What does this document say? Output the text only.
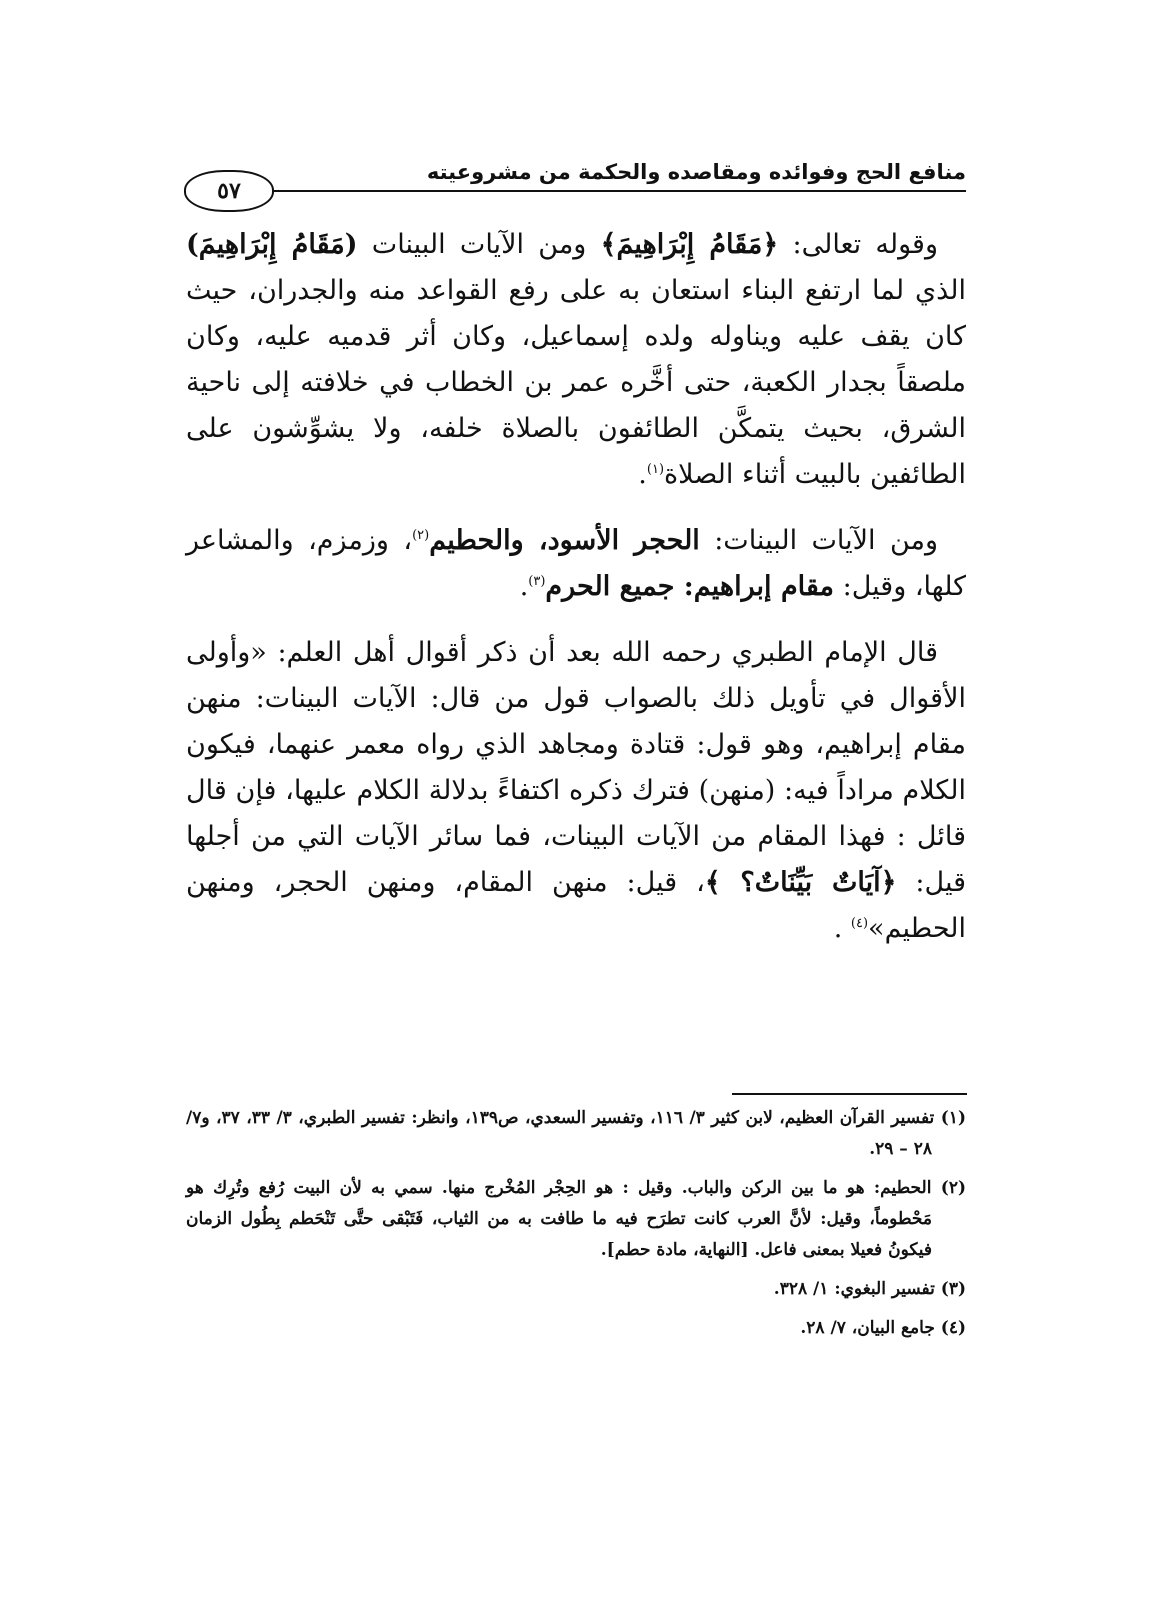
منافع الحج وفوائده ومقاصده والحكمة من مشروعيته
٥٧

وقوله تعالى: ﴿مَقَامُ إِبْرَاهِيمَ﴾ ومن الآيات البينات (مَقَامُ إِبْرَاهِيمَ) الذي لما ارتفع البناء استعان به على رفع القواعد منه والجدران، حيث كان يقف عليه ويناوله ولده إسماعيل، وكان أثر قدميه عليه، وكان ملصقاً بجدار الكعبة، حتى أخَّره عمر بن الخطاب في خلافته إلى ناحية الشرق، بحيث يتمكَّن الطائفون بالصلاة خلفه، ولا يشوِّشون على الطائفين بالبيت أثناء الصلاة$^{(١)}$.

ومن الآيات البينات: الحجر الأسود، والحطيم$^{(٢)}$، وزمزم، والمشاعر كلها، وقيل: مقام إبراهيم: جميع الحرم$^{(٣)}$.

قال الإمام الطبري رحمه الله بعد أن ذكر أقوال أهل العلم: «وأولى الأقوال في تأويل ذلك بالصواب قول من قال: الآيات البينات: منهن مقام إبراهيم، وهو قول: قتادة ومجاهد الذي رواه معمر عنهما، فيكون الكلام مراداً فيه: (منهن) فترك ذكره اكتفاءً بدلالة الكلام عليها، فإن قال قائل : فهذا المقام من الآيات البينات، فما سائر الآيات التي من أجلها قيل: ﴿آيَاتٌ بَيِّنَاتٌ؟ ﴾، قيل: منهن المقام، ومنهن الحجر، ومنهن الحطيم»$^{(٤)}$ .

(١) تفسير القرآن العظيم، لابن كثير ٣/ ١١٦، وتفسير السعدي، ص١٣٩، وانظر: تفسير الطبري، ٣/ ٣٣، ٣٧، و٧/ ٢٨ – ٢٩.
(٢) الحطيم: هو ما بين الركن والباب. وقيل : هو الحِجْر المُخْرج منها. سمي به لأن البيت رُفع وتُرِك هو مَحْطوماً، وقيل: لأنَّ العرب كانت تطرَح فيه ما طافت به من الثياب، فَتَبْقى حتَّى تَنْحَطم بِطُول الزمان فيكونُ فعيلا بمعنى فاعل. [النهاية، مادة حطم].
(٣) تفسير البغوي: ١/ ٣٢٨.
(٤) جامع البيان، ٧/ ٢٨.
